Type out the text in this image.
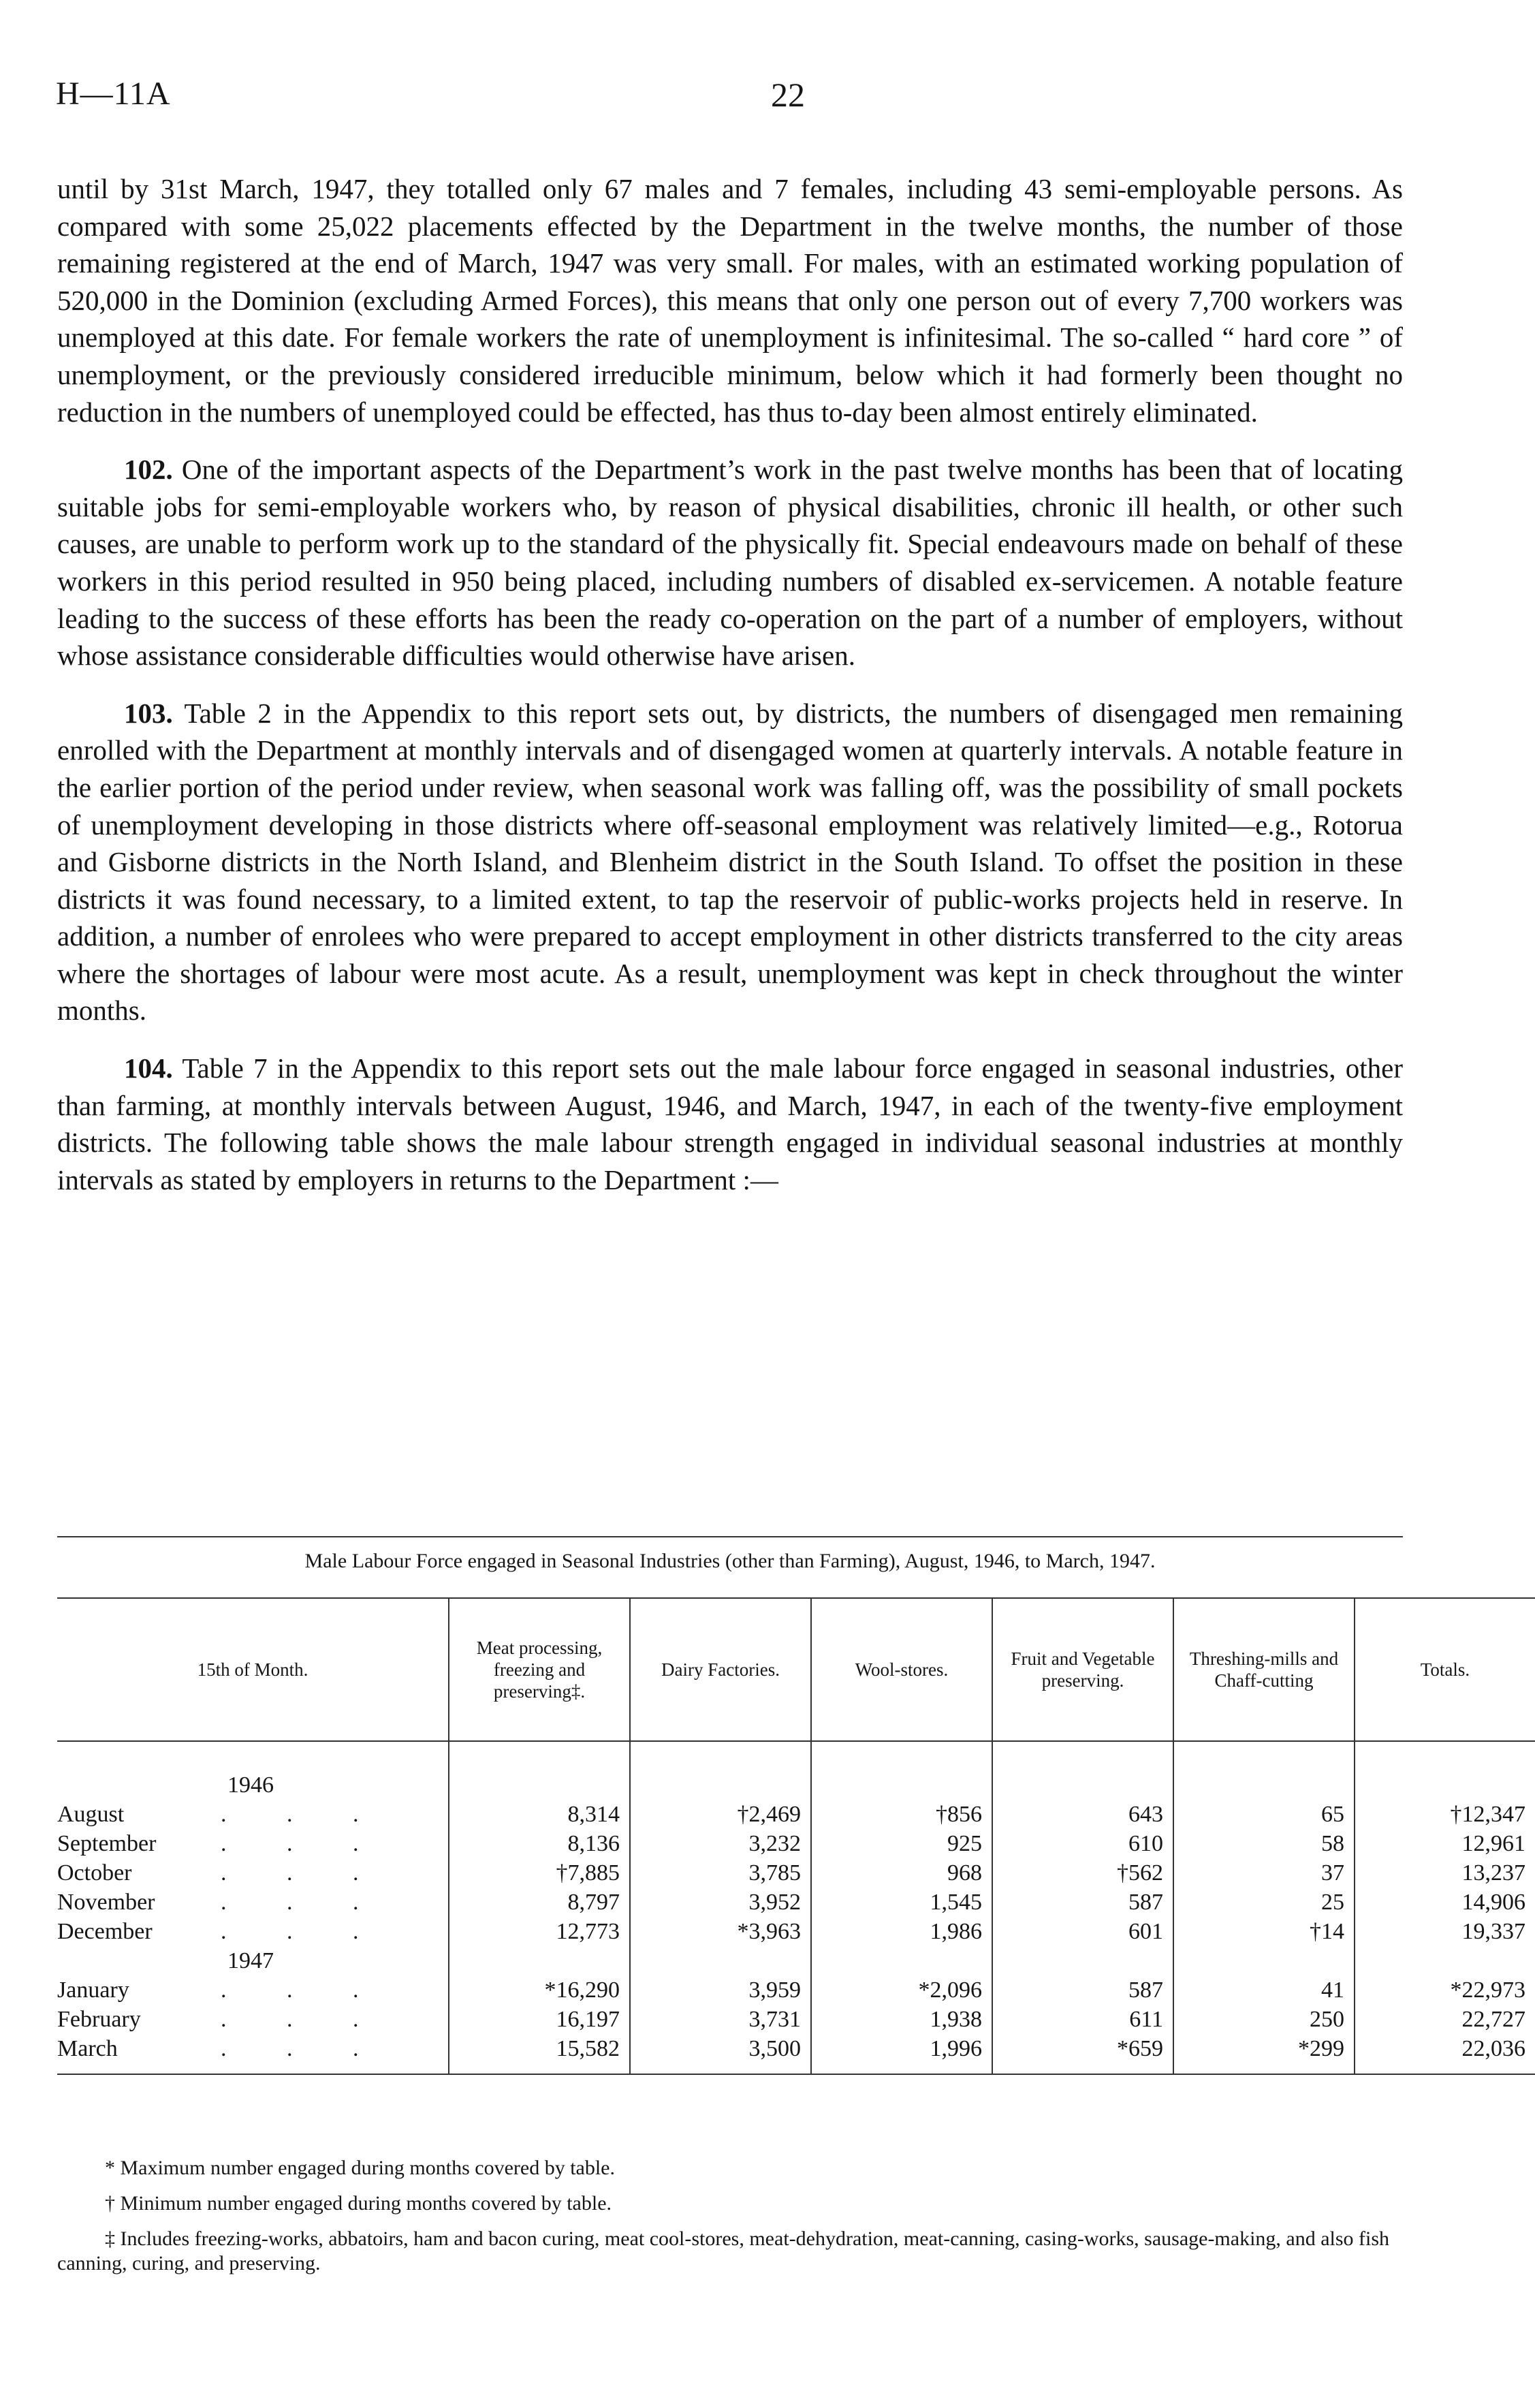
H—11A	22

until by 31st March, 1947, they totalled only 67 males and 7 females, including 43 semi-employable persons. As compared with some 25,022 placements effected by the Department in the twelve months, the number of those remaining registered at the end of March, 1947 was very small. For males, with an estimated working population of 520,000 in the Dominion (excluding Armed Forces), this means that only one person out of every 7,700 workers was unemployed at this date. For female workers the rate of unemployment is infinitesimal. The so-called “ hard core ” of unemployment, or the previously considered irreducible minimum, below which it had formerly been thought no reduction in the numbers of unemployed could be effected, has thus to-day been almost entirely eliminated.

102. One of the important aspects of the Department’s work in the past twelve months has been that of locating suitable jobs for semi-employable workers who, by reason of physical disabilities, chronic ill health, or other such causes, are unable to perform work up to the standard of the physically fit. Special endeavours made on behalf of these workers in this period resulted in 950 being placed, including numbers of disabled ex-servicemen. A notable feature leading to the success of these efforts has been the ready co-operation on the part of a number of employers, without whose assistance considerable difficulties would otherwise have arisen.

103. Table 2 in the Appendix to this report sets out, by districts, the numbers of disengaged men remaining enrolled with the Department at monthly intervals and of disengaged women at quarterly intervals. A notable feature in the earlier portion of the period under review, when seasonal work was falling off, was the possibility of small pockets of unemployment developing in those districts where off-seasonal employment was relatively limited—e.g., Rotorua and Gisborne districts in the North Island, and Blenheim district in the South Island. To offset the position in these districts it was found necessary, to a limited extent, to tap the reservoir of public-works projects held in reserve. In addition, a number of enrolees who were prepared to accept employment in other districts transferred to the city areas where the shortages of labour were most acute. As a result, unemployment was kept in check throughout the winter months.

104. Table 7 in the Appendix to this report sets out the male labour force engaged in seasonal industries, other than farming, at monthly intervals between August, 1946, and March, 1947, in each of the twenty-five employment districts. The following table shows the male labour strength engaged in individual seasonal industries at monthly intervals as stated by employers in returns to the Department :—

Male Labour Force engaged in Seasonal Industries (other than Farming), August, 1946, to March, 1947.
15th of Month.	Meat processing, freezing and preserving‡.	Dairy Factories.	Wool-stores.	Fruit and Vegetable preserving.	Threshing-mills and Chaff-cutting	Totals.

1946						
August . . .	8,314	†2,469	†856	643	65	†12,347
September . . .	8,136	3,232	925	610	58	12,961
October . . .	†7,885	3,785	968	†562	37	13,237
November . . .	8,797	3,952	1,545	587	25	14,906
December . . .	12,773	*3,963	1,986	601	†14	19,337
1947						
January . . .	*16,290	3,959	*2,096	587	41	*22,973
February . . .	16,197	3,731	1,938	611	250	22,727
March . . .	15,582	3,500	1,996	*659	*299	22,036

* Maximum number engaged during months covered by table.

† Minimum number engaged during months covered by table.

‡ Includes freezing-works, abbatoirs, ham and bacon curing, meat cool-stores, meat-dehydration, meat-canning, casing-works, sausage-making, and also fish canning, curing, and preserving.
